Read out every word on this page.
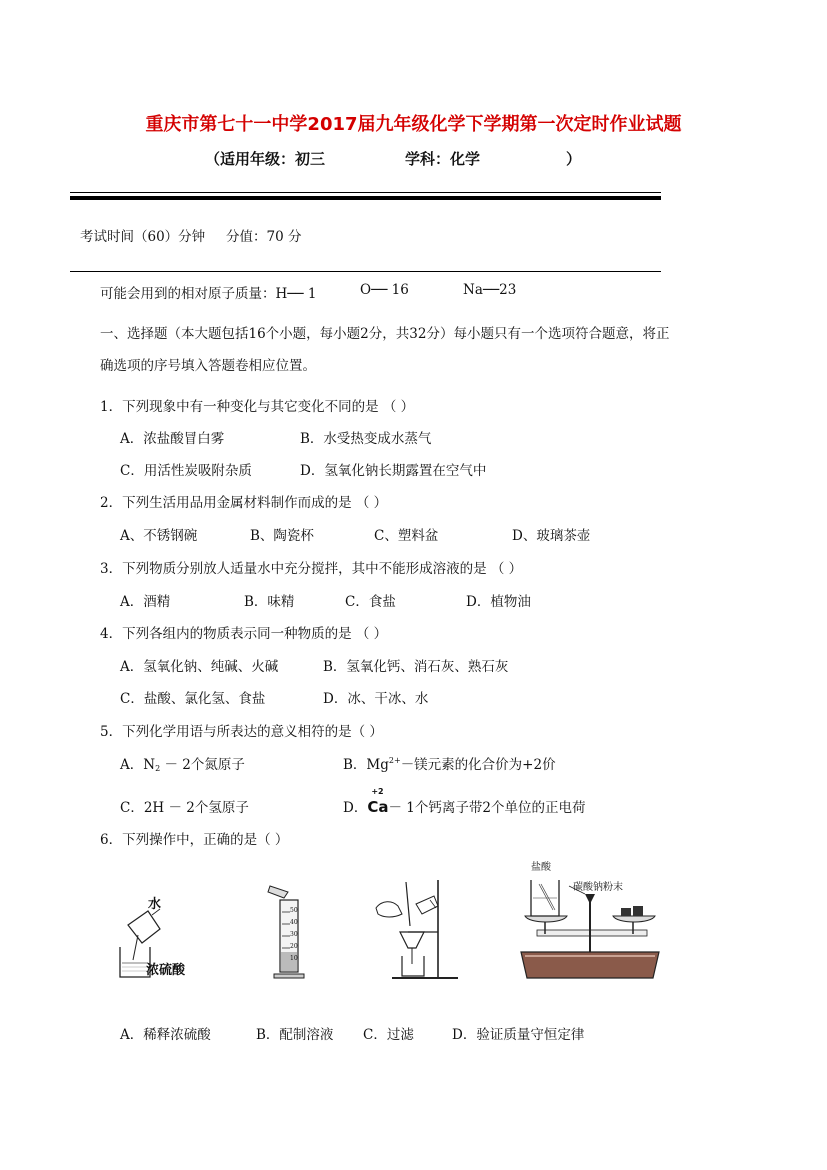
重庆市第七十一中学2017届九年级化学下学期第一次定时作业试题
（适用年级：初三	学科：化学	）
考试时间（60）分钟 分值：70 分
可能会用到的相对原子质量：H── 1	O── 16	Na──23
一、选择题（本大题包括16个小题，每小题2分，共32分）每小题只有一个选项符合题意，将正
确选项的序号填入答题卷相应位置。
1．下列现象中有一种变化与其它变化不同的是 （ ）
A．浓盐酸冒白雾	B．水受热变成水蒸气
C．用活性炭吸附杂质	D．氢氧化钠长期露置在空气中
2．下列生活用品用金属材料制作而成的是 （ ）
A、不锈钢碗	B、陶瓷杯	C、塑料盆	D、玻璃茶壶
3．下列物质分别放人适量水中充分搅拌，其中不能形成溶液的是 （ ）
A．酒精	B．味精	C．食盐	D．植物油
4．下列各组内的物质表示同一种物质的是 （ ）
A．氢氧化钠、纯碱、火碱	B．氢氧化钙、消石灰、熟石灰
C．盐酸、氯化氢、食盐	D．冰、干冰、水
5．下列化学用语与所表达的意义相符的是（ ）
A．$N_2 - 2$个氮原子	B．$Mg^{2+}-$镁元素的化合价为+2价
C．2H － 2个氢原子	D．
+2
Ca－ 1个钙离子带2个单位的正电荷
6．下列操作中，正确的是（ ）
水
浓硫酸
50
40
30
20
10
盐酸
碳酸钠粉末
A．稀释浓硫酸	B．配制溶液 C．过滤	D．验证质量守恒定律
